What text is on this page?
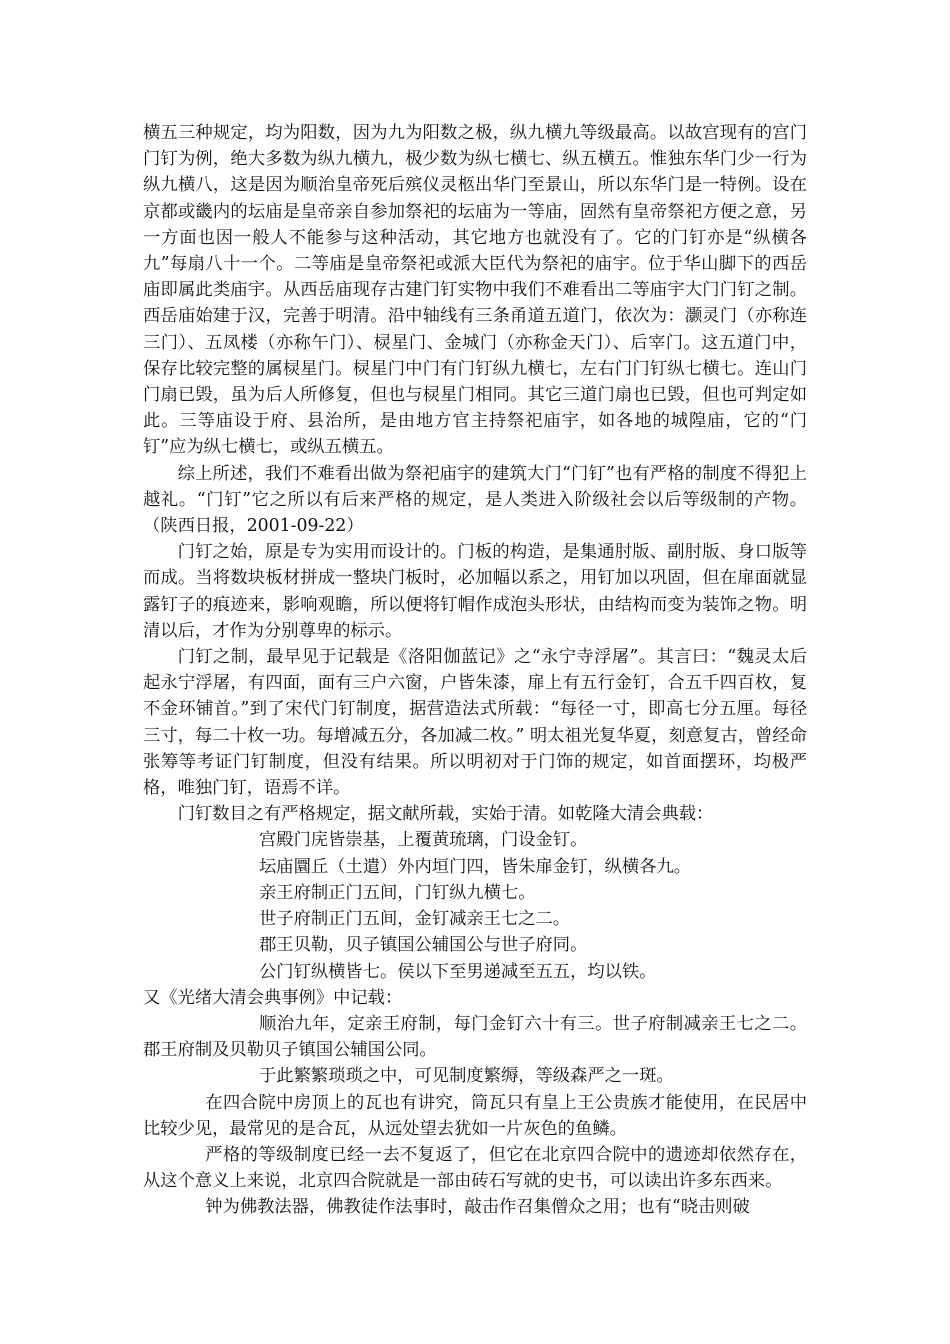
横五三种规定，均为阳数，因为九为阳数之极，纵九横九等级最高。以故宫现有的宫门门钉为例，绝大多数为纵九横九，极少数为纵七横七、纵五横五。惟独东华门少一行为纵九横八，这是因为顺治皇帝死后殡仪灵柩出华门至景山，所以东华门是一特例。设在京都或畿内的坛庙是皇帝亲自参加祭祀的坛庙为一等庙，固然有皇帝祭祀方便之意，另一方面也因一般人不能参与这种活动，其它地方也就没有了。它的门钉亦是“纵横各九”每扇八十一个。二等庙是皇帝祭祀或派大臣代为祭祀的庙宇。位于华山脚下的西岳庙即属此类庙宇。从西岳庙现存古建门钉实物中我们不难看出二等庙宇大门门钉之制。西岳庙始建于汉，完善于明清。沿中轴线有三条甬道五道门，依次为：灏灵门（亦称连三门）、五凤楼（亦称午门）、棂星门、金城门（亦称金天门）、后宰门。这五道门中，保存比较完整的属棂星门。棂星门中门有门钉纵九横七，左右门门钉纵七横七。连山门门扇已毁，虽为后人所修复，但也与棂星门相同。其它三道门扇也已毁，但也可判定如此。三等庙设于府、县治所，是由地方官主持祭祀庙宇，如各地的城隍庙，它的“门钉”应为纵七横七，或纵五横五。

综上所述，我们不难看出做为祭祀庙宇的建筑大门“门钉”也有严格的制度不得犯上越礼。“门钉”它之所以有后来严格的规定，是人类进入阶级社会以后等级制的产物。（陕西日报，2001-09-22）

门钉之始，原是专为实用而设计的。门板的构造，是集通肘版、副肘版、身口版等而成。当将数块板材拼成一整块门板时，必加幅以系之，用钉加以巩固，但在扉面就显露钉子的痕迹来，影响观瞻，所以便将钉帽作成泡头形状，由结构而变为装饰之物。明清以后，才作为分别尊卑的标示。

门钉之制，最早见于记载是《洛阳伽蓝记》之“永宁寺浮屠”。其言曰：“魏灵太后起永宁浮屠，有四面，面有三户六窗，户皆朱漆，扉上有五行金钉，合五千四百枚，复不金环铺首。”到了宋代门钉制度，据营造法式所载：“每径一寸，即高七分五厘。每径三寸，每二十枚一功。每增减五分，各加减二枚。” 明太祖光复华夏，刻意复古，曾经命张筹等考证门钉制度，但没有结果。所以明初对于门饰的规定，如首面摆环，均极严格，唯独门钉，语焉不详。

门钉数目之有严格规定，据文献所载，实始于清。如乾隆大清会典载：

宫殿门庑皆崇基，上覆黄琉璃，门设金钉。

坛庙圜丘（土遣）外内垣门四，皆朱扉金钉，纵横各九。

亲王府制正门五间，门钉纵九横七。

世子府制正门五间，金钉减亲王七之二。

郡王贝勒，贝子镇国公辅国公与世子府同。

公门钉纵横皆七。侯以下至男递减至五五，均以铁。

又《光绪大清会典事例》中记载：

顺治九年，定亲王府制，每门金钉六十有三。世子府制减亲王七之二。郡王府制及贝勒贝子镇国公辅国公同。

于此繁繁琐琐之中，可见制度繁缛，等级森严之一斑。

在四合院中房顶上的瓦也有讲究，筒瓦只有皇上王公贵族才能使用，在民居中比较少见，最常见的是合瓦，从远处望去犹如一片灰色的鱼鳞。

严格的等级制度已经一去不复返了，但它在北京四合院中的遗迹却依然存在，从这个意义上来说，北京四合院就是一部由砖石写就的史书，可以读出许多东西来。

钟为佛教法器，佛教徒作法事时，敲击作召集僧众之用；也有“晓击则破
